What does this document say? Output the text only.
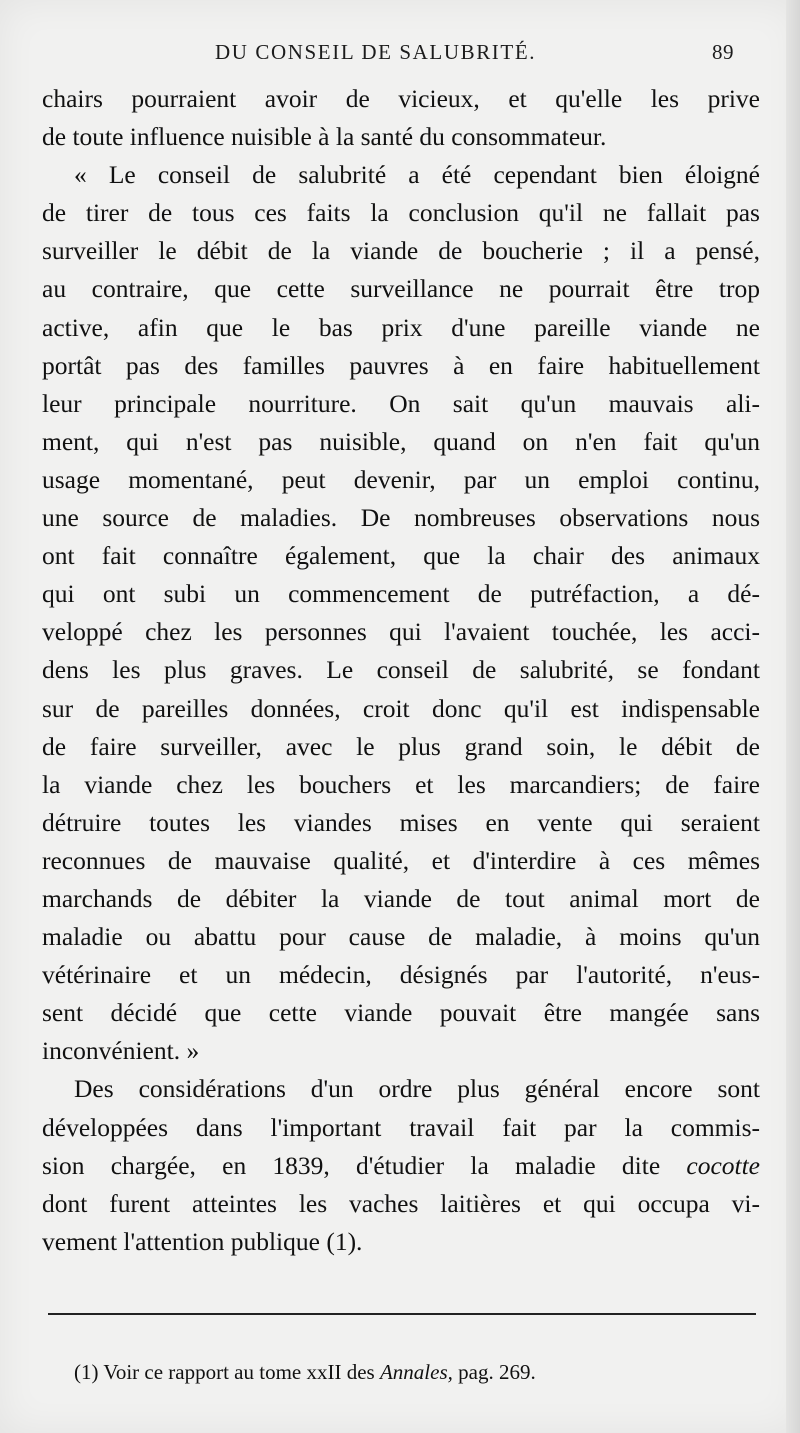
DU CONSEIL DE SALUBRITÉ.	89
chairs pourraient avoir de vicieux, et qu'elle les prive
de toute influence nuisible à la santé du consommateur.
« Le conseil de salubrité a été cependant bien éloigné
de tirer de tous ces faits la conclusion qu'il ne fallait pas
surveiller le débit de la viande de boucherie ; il a pensé,
au contraire, que cette surveillance ne pourrait être trop
active, afin que le bas prix d'une pareille viande ne
portât pas des familles pauvres à en faire habituellement
leur principale nourriture. On sait qu'un mauvais ali-
ment, qui n'est pas nuisible, quand on n'en fait qu'un
usage momentané, peut devenir, par un emploi continu,
une source de maladies. De nombreuses observations nous
ont fait connaître également, que la chair des animaux
qui ont subi un commencement de putréfaction, a dé-
veloppé chez les personnes qui l'avaient touchée, les acci-
dens les plus graves. Le conseil de salubrité, se fondant
sur de pareilles données, croit donc qu'il est indispensable
de faire surveiller, avec le plus grand soin, le débit de
la viande chez les bouchers et les marcandiers; de faire
détruire toutes les viandes mises en vente qui seraient
reconnues de mauvaise qualité, et d'interdire à ces mêmes
marchands de débiter la viande de tout animal mort de
maladie ou abattu pour cause de maladie, à moins qu'un
vétérinaire et un médecin, désignés par l'autorité, n'eus-
sent décidé que cette viande pouvait être mangée sans
inconvénient. »
Des considérations d'un ordre plus général encore sont
développées dans l'important travail fait par la commis-
sion chargée, en 1839, d'étudier la maladie dite cocotte
dont furent atteintes les vaches laitières et qui occupa vi-
vement l'attention publique (1).
(1) Voir ce rapport au tome xxII des Annales, pag. 269.
